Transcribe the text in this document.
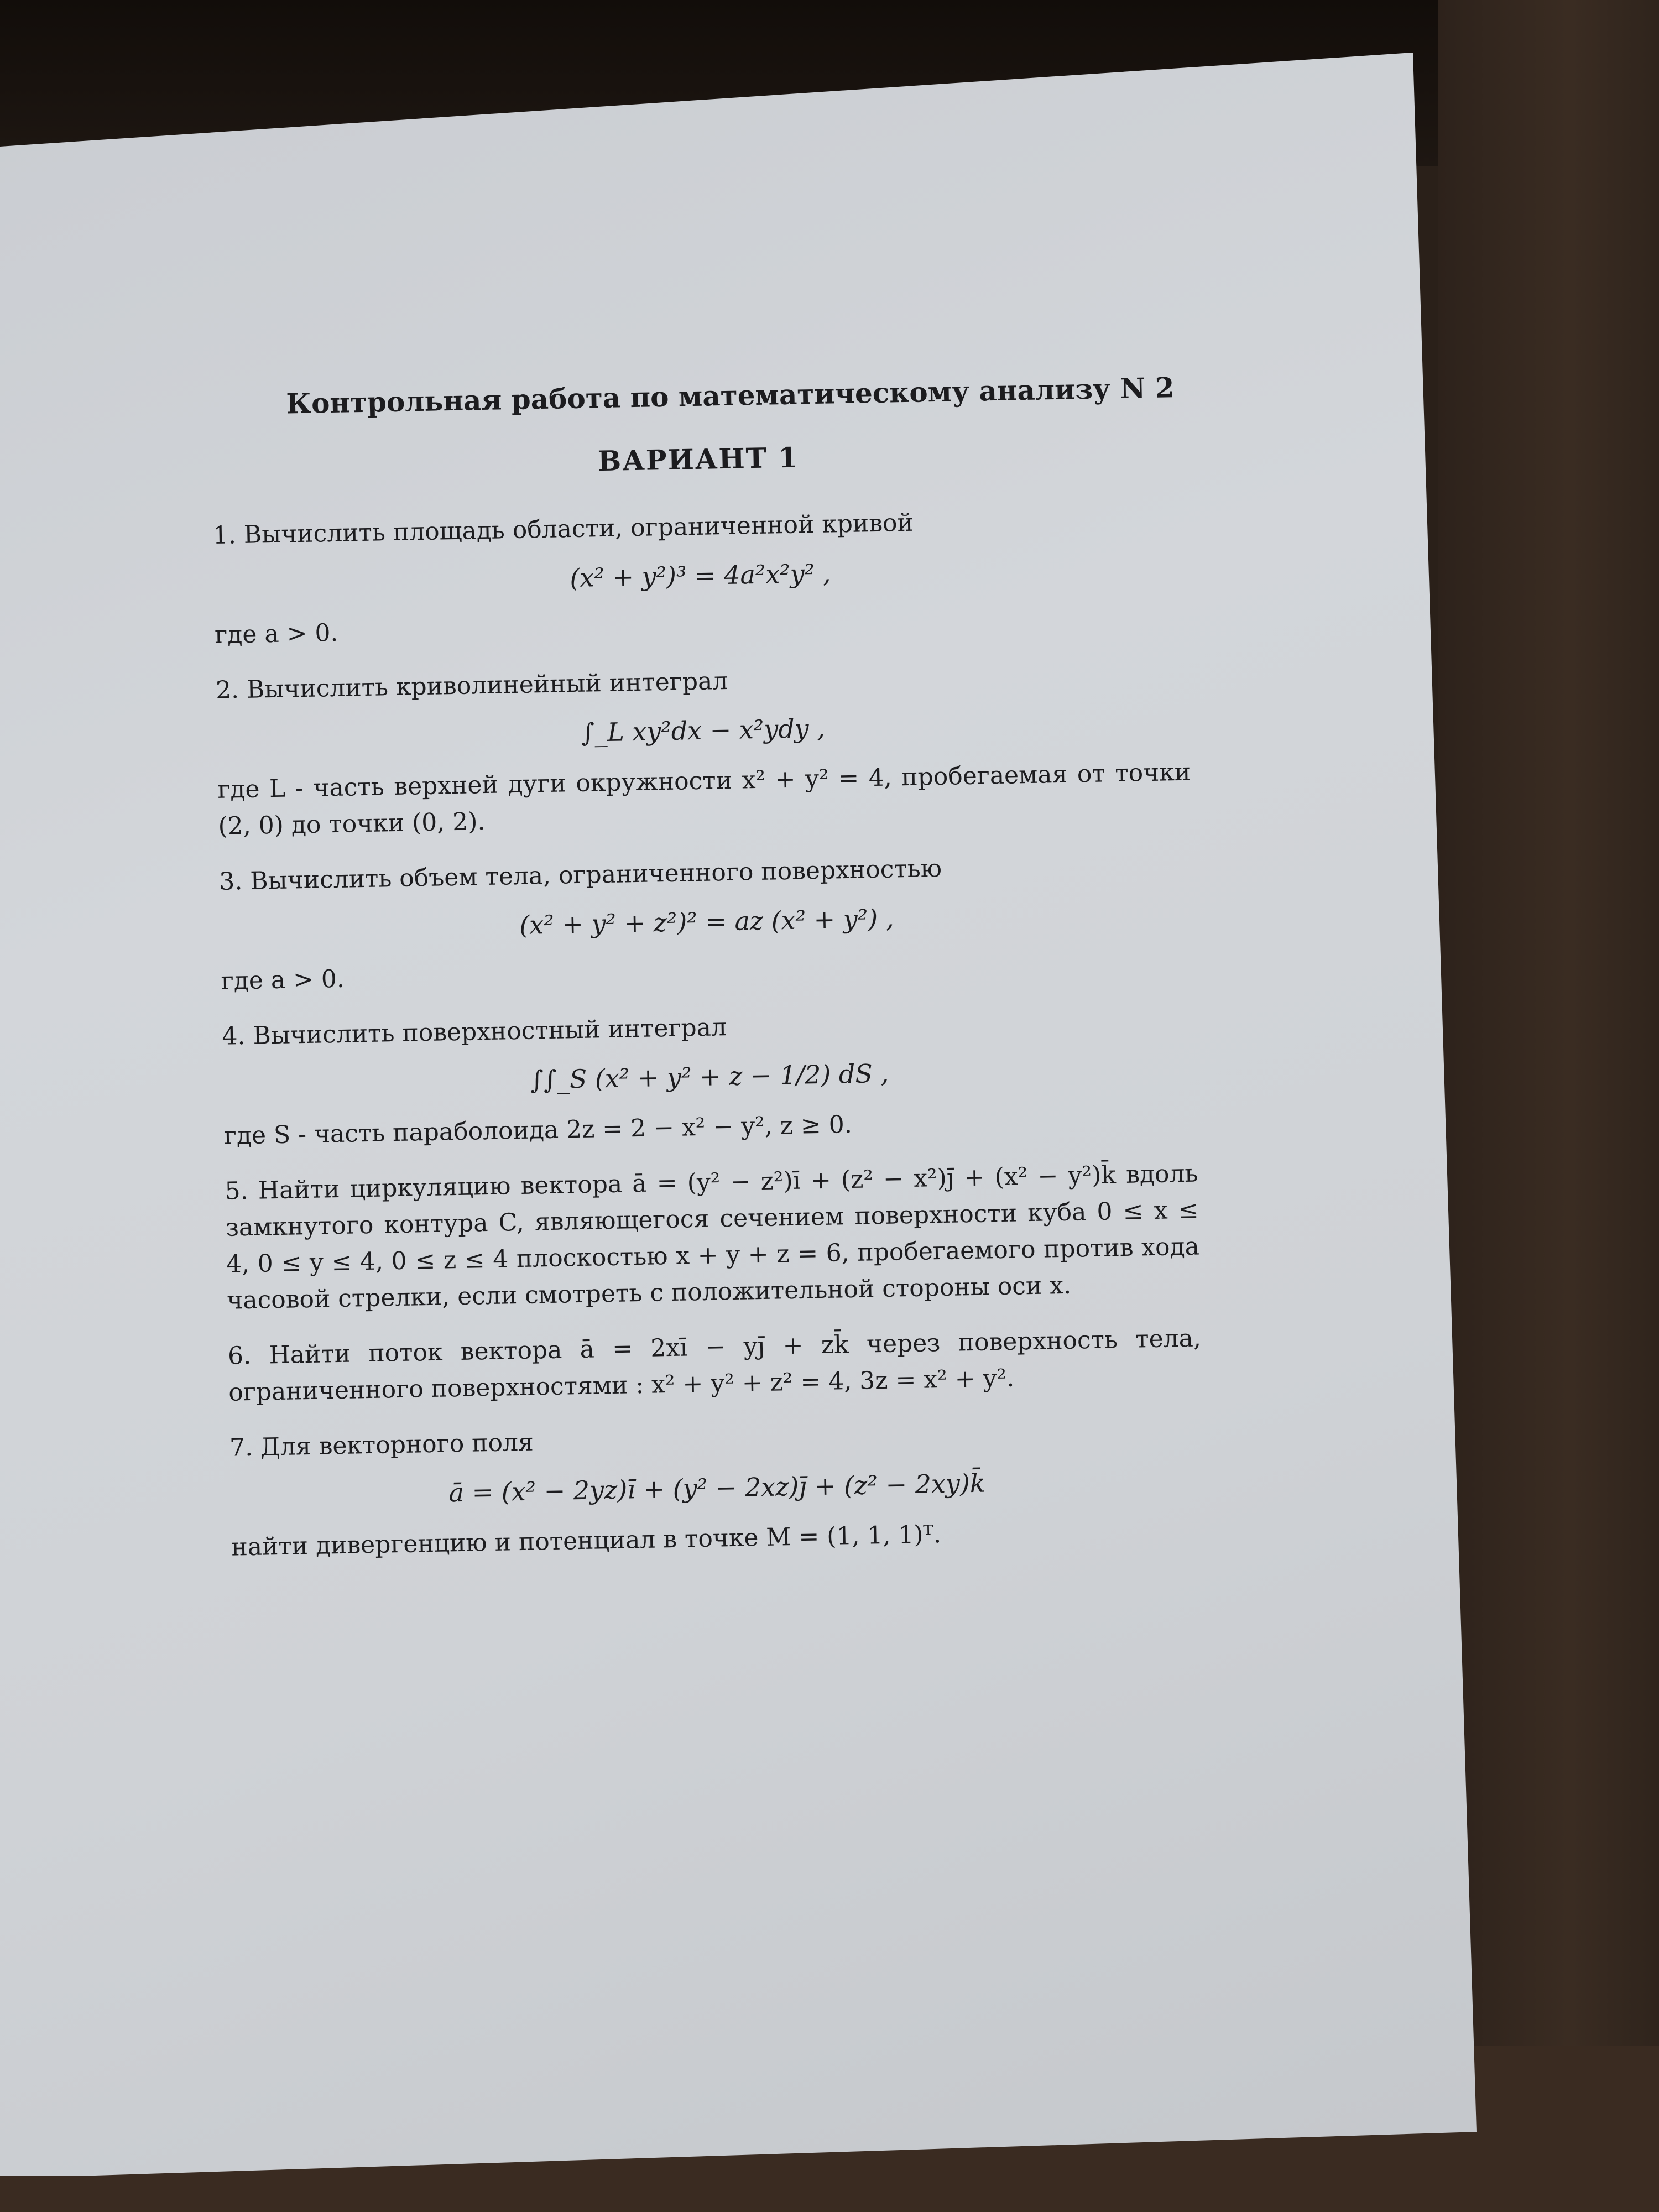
Контрольная работа по математическому анализу N 2
ВАРИАНТ 1
1. Вычислить площадь области, ограниченной кривой
(x² + y²)³ = 4a²x²y² ,
где a > 0.
2. Вычислить криволинейный интеграл
∫_L xy²dx − x²ydy ,
где L - часть верхней дуги окружности x² + y² = 4, пробегаемая от точки (2, 0) до точки (0, 2).
3. Вычислить объем тела, ограниченного поверхностью
(x² + y² + z²)² = az (x² + y²) ,
где a > 0.
4. Вычислить поверхностный интеграл
∫∫_S (x² + y² + z − 1/2) dS ,
где S - часть параболоида 2z = 2 − x² − y², z ≥ 0.
5. Найти циркуляцию вектора ā = (y² − z²)ī + (z² − x²)j̄ + (x² − y²)k̄ вдоль замкнутого контура C, являющегося сечением поверхности куба 0 ≤ x ≤ 4, 0 ≤ y ≤ 4, 0 ≤ z ≤ 4 плоскостью x + y + z = 6, пробегаемого против хода часовой стрелки, если смотреть с положительной стороны оси x.
6. Найти поток вектора ā = 2xī − yj̄ + zk̄ через поверхность тела, ограниченного поверхностями : x² + y² + z² = 4, 3z = x² + y².
7. Для векторного поля
ā = (x² − 2yz)ī + (y² − 2xz)j̄ + (z² − 2xy)k̄
найти дивергенцию и потенциал в точке M = (1, 1, 1)ᵀ.
